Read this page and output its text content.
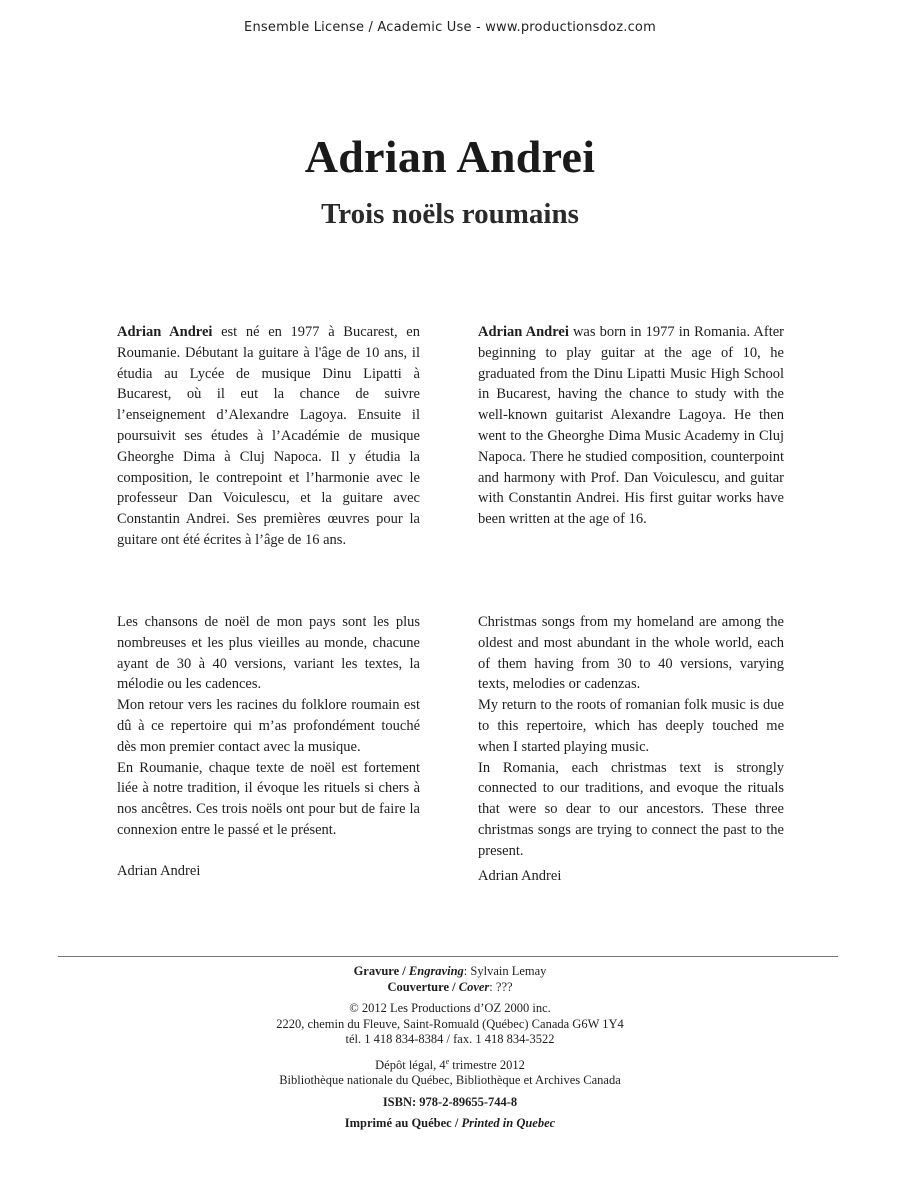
Ensemble License / Academic Use - www.productionsdoz.com
Adrian Andrei
Trois noëls roumains

Adrian Andrei est né en 1977 à Bucarest, en Roumanie. Débutant la guitare à l'âge de 10 ans, il étudia au Lycée de musique Dinu Lipatti à Bucarest, où il eut la chance de suivre l’enseignement d’Alexandre Lagoya. Ensuite il poursuivit ses études à l’Académie de musique Gheorghe Dima à Cluj Napoca. Il y étudia la composition, le contrepoint et l’harmonie avec le professeur Dan Voiculescu, et la guitare avec Constantin Andrei. Ses premières œuvres pour la guitare ont été écrites à l’âge de 16 ans.

Adrian Andrei was born in 1977 in Romania. After beginning to play guitar at the age of 10, he graduated from the Dinu Lipatti Music High School in Bucarest, having the chance to study with the well-known guitarist Alexandre Lagoya. He then went to the Gheorghe Dima Music Academy in Cluj Napoca. There he studied composition, counterpoint and harmony with Prof. Dan Voiculescu, and guitar with Constantin Andrei. His first guitar works have been written at the age of 16.

Les chansons de noël de mon pays sont les plus nombreuses et les plus vieilles au monde, chacune ayant de 30 à 40 versions, variant les textes, la mélodie ou les cadences.

Mon retour vers les racines du folklore roumain est dû à ce repertoire qui m’as profondément touché dès mon premier contact avec la musique.

En Roumanie, chaque texte de noël est fortement liée à notre tradition, il évoque les rituels si chers à nos ancêtres. Ces trois noëls ont pour but de faire la connexion entre le passé et le présent.

Christmas songs from my homeland are among the oldest and most abundant in the whole world, each of them having from 30 to 40 versions, varying texts, melodies or cadenzas.

My return to the roots of romanian folk music is due to this repertoire, which has deeply touched me when I started playing music.

In Romania, each christmas text is strongly connected to our traditions, and evoque the rituals that were so dear to our ancestors. These three christmas songs are trying to connect the past to the present.

Adrian Andrei	Adrian Andrei
Gravure / Engraving: Sylvain Lemay
Couverture / Cover: ???
© 2012 Les Productions d’OZ 2000 inc.
2220, chemin du Fleuve, Saint-Romuald (Québec) Canada G6W 1Y4
tél. 1 418 834-8384 / fax. 1 418 834-3522
Dépôt légal, 4e trimestre 2012
Bibliothèque nationale du Québec, Bibliothèque et Archives Canada
ISBN: 978-2-89655-744-8
Imprimé au Québec / Printed in Quebec
